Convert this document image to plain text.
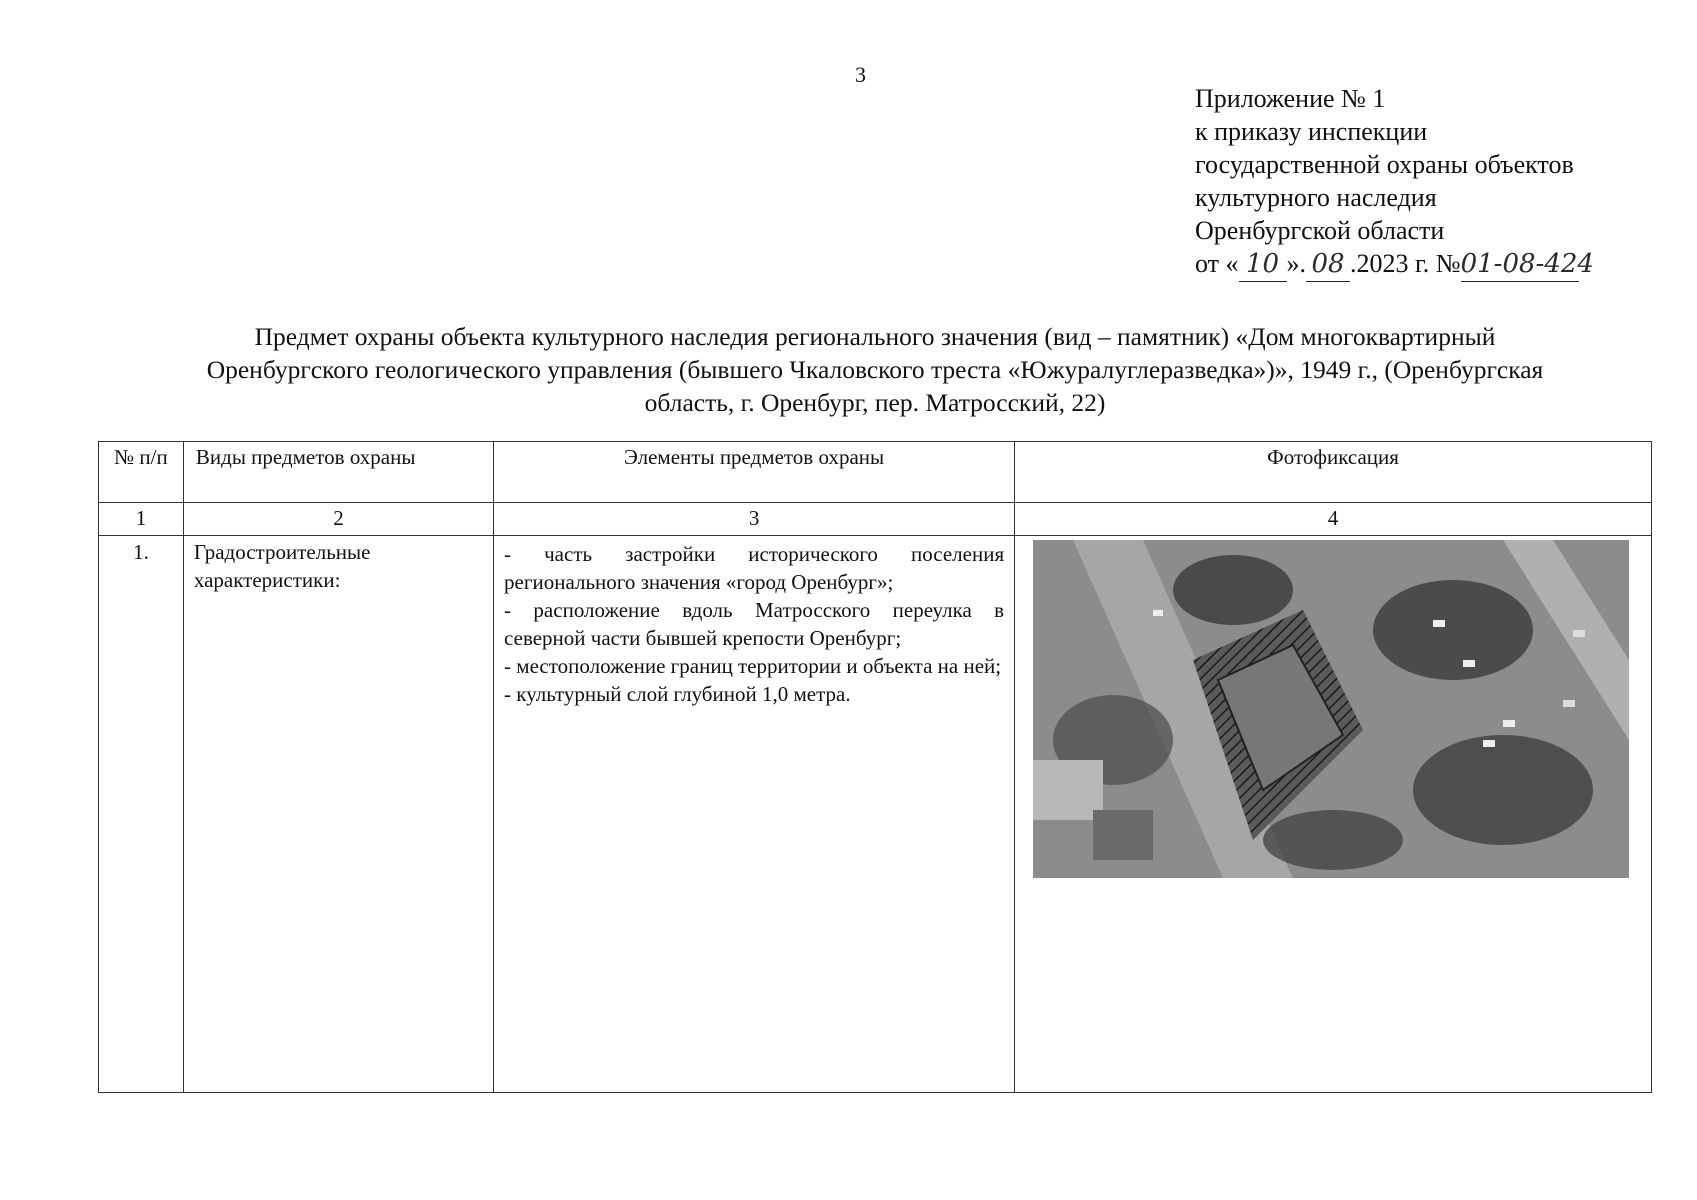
3
Приложение № 1
к приказу инспекции
государственной охраны объектов
культурного наследия
Оренбургской области
от « 10 ». 08 .2023 г. №01-08-424
Предмет охраны объекта культурного наследия регионального значения (вид – памятник) «Дом многоквартирный
Оренбургского геологического управления (бывшего Чкаловского треста «Южуралуглеразведка»)», 1949 г., (Оренбургская
область, г. Оренбург, пер. Матросский, 22)
№ п/п	Виды предметов охраны	Элементы предметов охраны	Фотофиксация
1	2	3	4
1.	Градостроительные характеристики:	- часть застройки исторического поселения регионального значения «город Оренбург»;
- расположение вдоль Матросского переулка в северной части бывшей крепости Оренбург;
- местоположение границ территории и объекта на ней;
- культурный слой глубиной 1,0 метра.
